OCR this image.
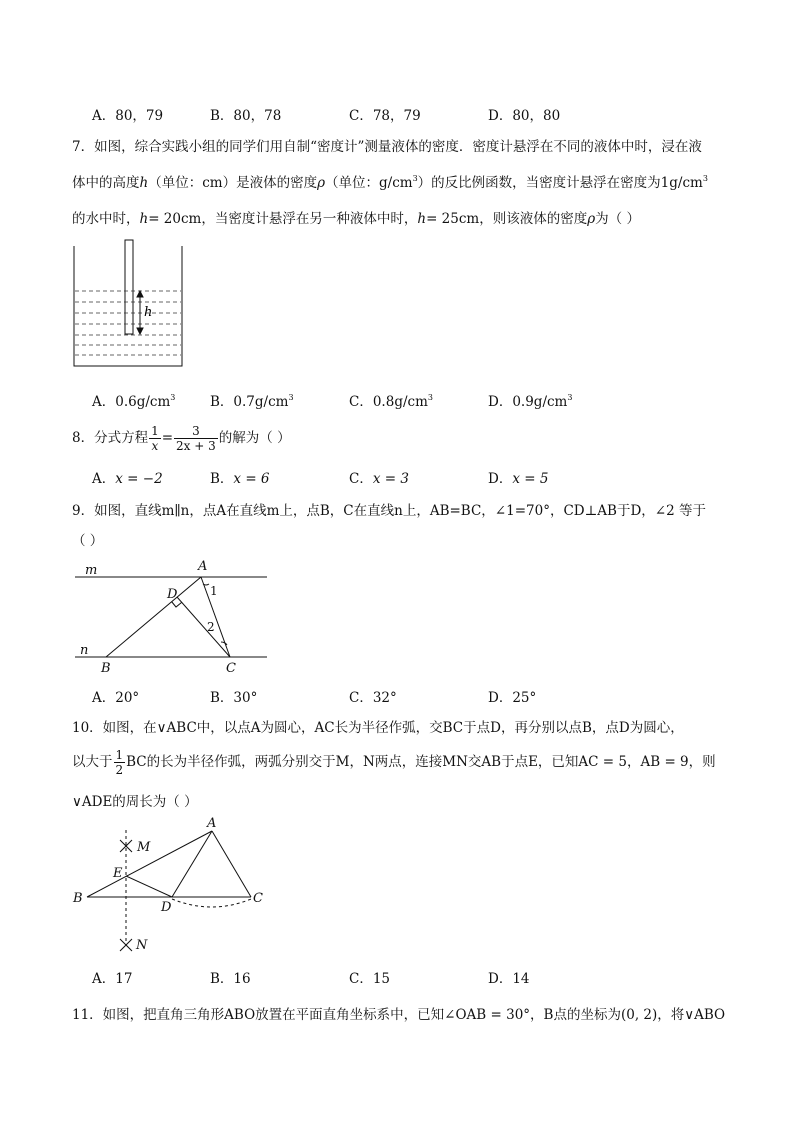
A．80，79	B．80，78	C．78，79	D．80，80
7．如图，综合实践小组的同学们用自制“密度计”测量液体的密度．密度计悬浮在不同的液体中时，浸在液
体中的高度h（单位：cm）是液体的密度ρ（单位：$g/cm^3$）的反比例函数，当密度计悬浮在密度为$1g/cm^3$
的水中时，h= 20cm，当密度计悬浮在另一种液体中时，h= 25cm，则该液体的密度ρ为（ ）
h
A．$0.6g/cm^3$	B．$0.7g/cm^3$	C．$0.8g/cm^3$	D．$0.9g/cm^3$
8．分式方程 $\frac{1}{x} = \frac{3}{2x + 3}$ 的解为（ ）
A．x = −2	B．x = 6	C．x = 3	D．x = 5
9．如图，直线m∥n，点A在直线m上，点B，C在直线n上，AB=BC，∠1=70°，CD⊥AB于D，∠2 等于
（ ）
m
n
A
B	C
D	1
2
A．20°	B．30°	C．32°	D．25°
10．如图，在∨ABC中，以点A为圆心，AC长为半径作弧，交BC于点D，再分别以点B，点D为圆心，
以大于 $\frac{1}{2}$ BC的长为半径作弧，两弧分别交于M，N两点，连接MN交AB于点E，已知AC = 5，AB = 9，则
∨ADE的周长为（ ）
A
B	C
D
E
M
N
A．17	B．16	C．15	D．14
11．如图，把直角三角形ABO放置在平面直角坐标系中，已知∠OAB = 30°，B点的坐标为(0, 2)，将∨ABO
